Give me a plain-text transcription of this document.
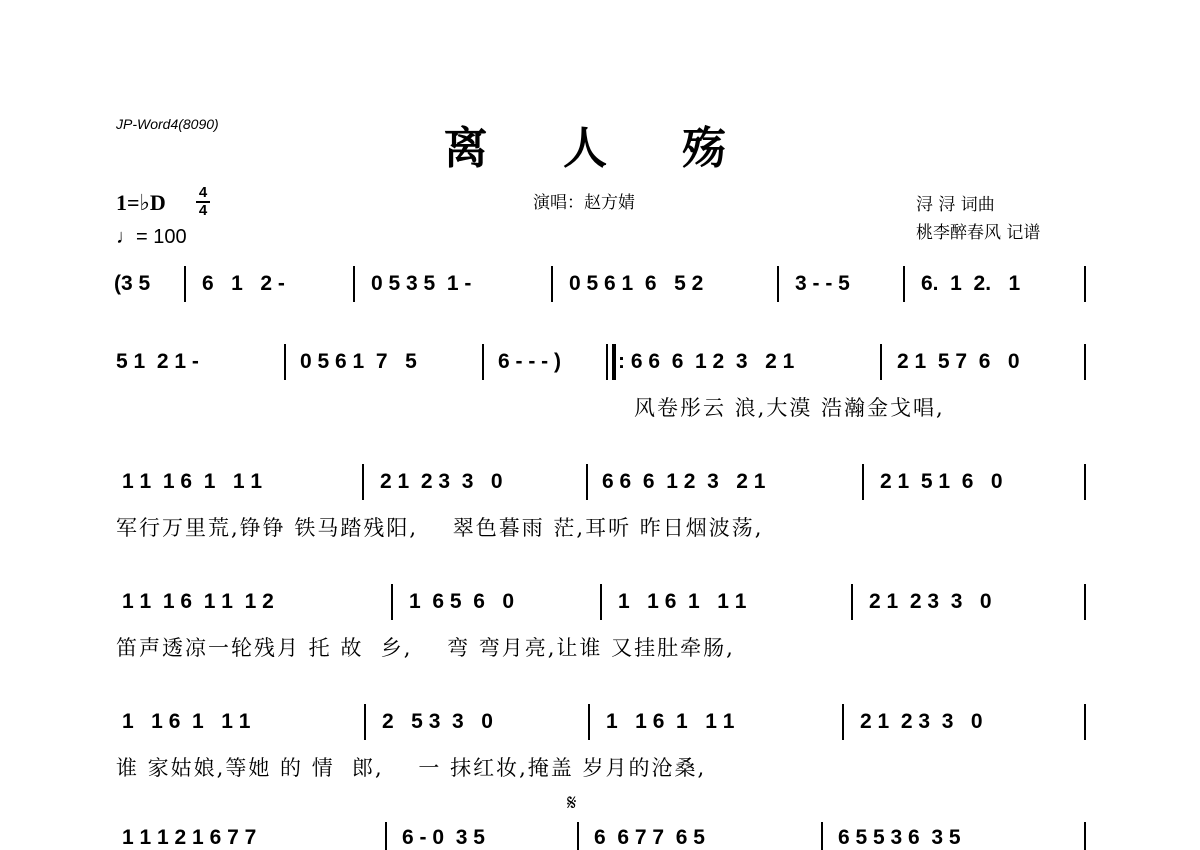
JP-Word4(8090)	离 人 殇
1=♭D 4
4
♩= 100
演唱：赵方婧	浔 浔 词曲
桃李醉春风 记谱
(3 5 6   1   2 -	0 5 3 5  1 -	0 5 6 1  6   5 2	3 - - 5	6.  1  2.   1
5 1  2 1 -	0 5 6 1  7   5	6 - - - )	: 6 6  6  1 2  3   2 1	2 1  5 7  6   0
风卷彤云 浪,大漠 浩瀚金戈唱,
1 1  1 6  1   1 1	2 1  2 3  3   0	6 6  6  1 2  3   2 1	2 1  5 1  6   0
军行万里荒,铮铮 铁马踏残阳,    翠色暮雨 茫,耳听 昨日烟波荡,
1 1  1 6  1 1  1 2	1  6 5  6   0	1   1 6  1   1 1	2 1  2 3  3   0
笛声透凉一轮残月 托 故  乡,    弯 弯月亮,让谁 又挂肚牵肠,
1   1 6  1   1 1	2   5 3  3   0	1   1 6  1   1 1	2 1  2 3  3   0
谁 家姑娘,等她 的 情  郎,    一 抹红妆,掩盖 岁月的沧桑,
𝄋
1 1 1 2 1 6 7 7	6 - 0  3 5	6  6 7 7  6 5	6 5 5 3 6  3 5
